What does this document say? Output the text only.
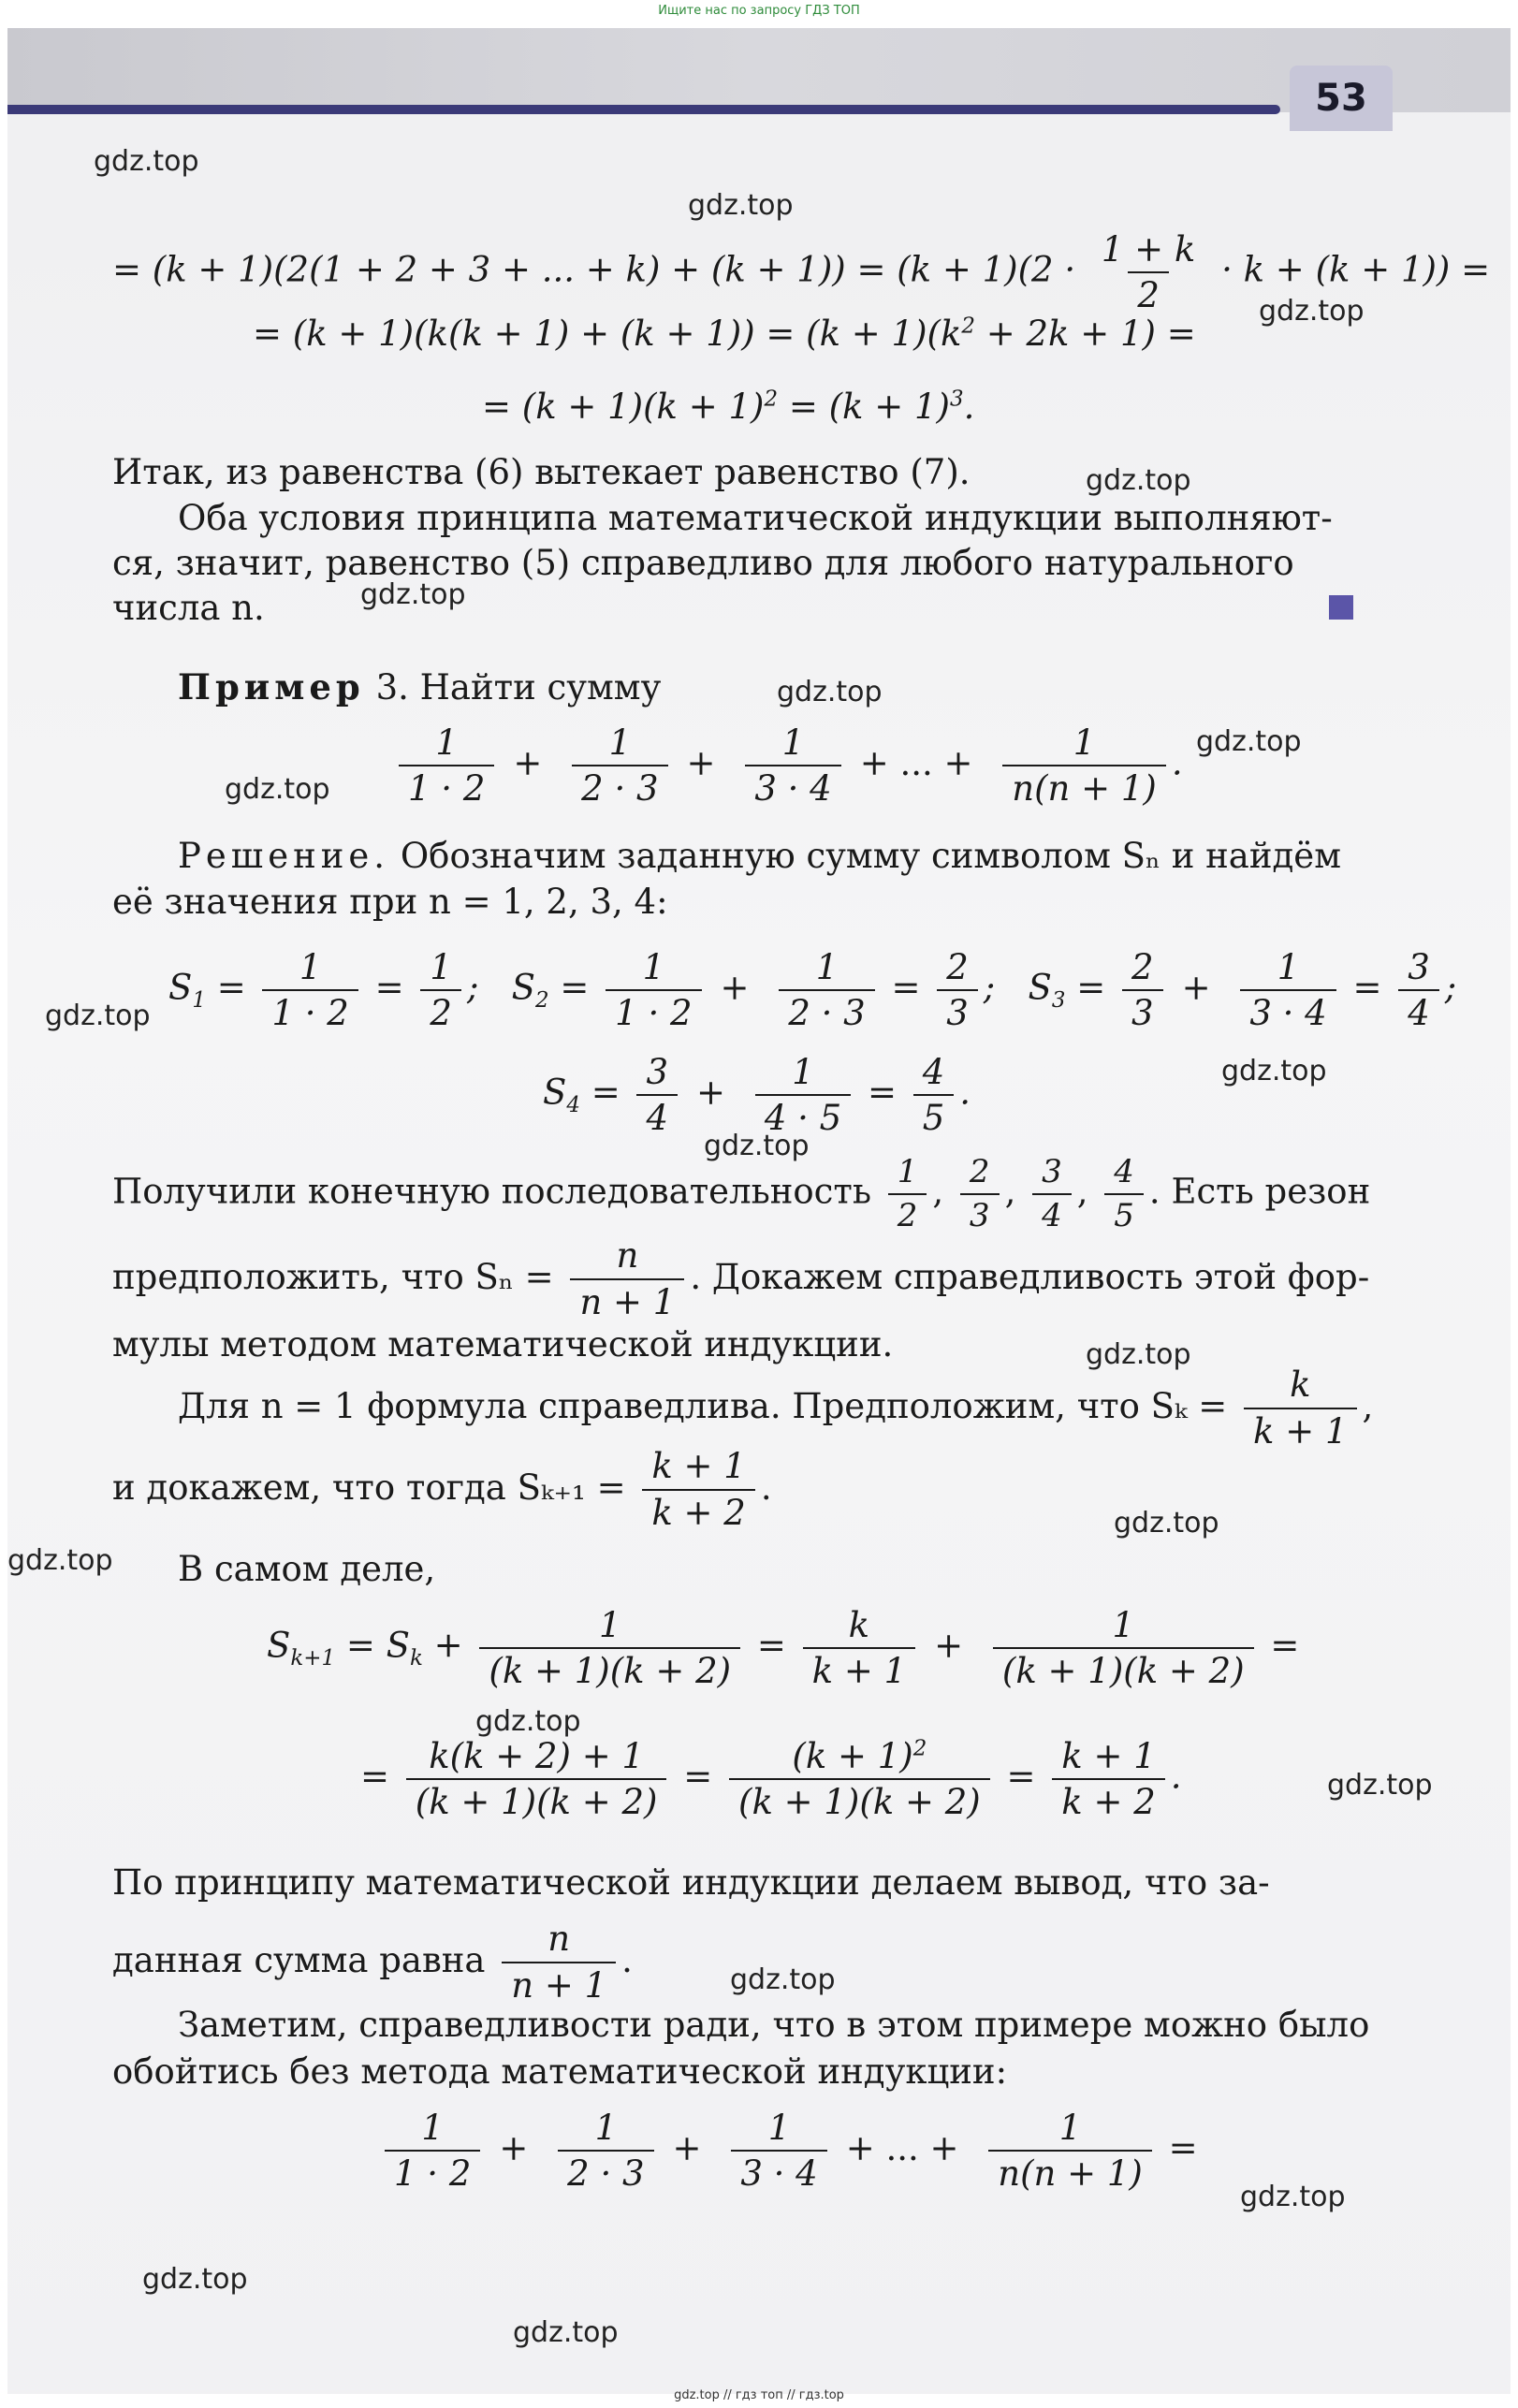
Ищите нас по запросу ГДЗ ТОП
53
gdz.top
gdz.top
gdz.top
gdz.top
gdz.top
gdz.top
gdz.top
gdz.top
gdz.top
gdz.top
gdz.top
gdz.top
gdz.top
gdz.top
gdz.top
gdz.top
gdz.top
gdz.top
gdz.top
gdz.top
= (k + 1)(2(1 + 2 + 3 + ... + $k) + (k + 1)) = (k + 1)(2 \cdot \frac{1 + k}{2} \cdot k + (k + 1))$ =
= $(k + 1)(k(k + 1) + (k + 1)) = (k + 1)(k^2 + 2k + 1)$ =
= $(k + 1)(k + 1)^2 = (k + 1)^3$.
Итак, из равенства (6) вытекает равенство (7).
Оба условия принципа математической индукции выполняют-
ся, значит, равенство (5) справедливо для любого натурального
числа n.
Пример 3. Найти сумму
$\frac{1}{1 \cdot 2} + \frac{1}{2 \cdot 3} + \frac{1}{3 \cdot 4}$ + ... + $\frac{1}{n(n + 1)}$ .
Решение. Обозначим заданную сумму символом Sₙ и найдём
её значения при n = 1, 2, 3, 4:
$S_1 = \frac{1}{1 \cdot 2} = \frac{1}{2}$ ;   $S_2 = \frac{1}{1 \cdot 2} + \frac{1}{2 \cdot 3} = \frac{2}{3}$ ;   $S_3 = \frac{2}{3} + \frac{1}{3 \cdot 4} = \frac{3}{4}$ ;
$S_4 = \frac{3}{4} + \frac{1}{4 \cdot 5} = \frac{4}{5}$ .
Получили конечную последовательность $\frac{1}{2}$ , $\frac{2}{3}$ , $\frac{3}{4}$ , $\frac{4}{5}$ . Есть резон
предположить, что $S_n = \frac{n}{n + 1}$ . Докажем справедливость этой фор-
мулы методом математической индукции.
Для n = 1 формула справедлива. Предположим, что $S_k = \frac{k}{k + 1}$ ,
и докажем, что тогда $S_{k+1} = \frac{k + 1}{k + 2}$ .
В самом деле,
$S_{k+1} = S_k + \frac{1}{(k + 1)(k + 2)} = \frac{k}{k + 1} + \frac{1}{(k + 1)(k + 2)}$ =
= $\frac{k(k + 2) + 1}{(k + 1)(k + 2)} = \frac{(k + 1)^2}{(k + 1)(k + 2)} = \frac{k + 1}{k + 2}$ .
По принципу математической индукции делаем вывод, что за-
данная сумма равна $\frac{n}{n + 1}$ .
Заметим, справедливости ради, что в этом примере можно было
обойтись без метода математической индукции:
$\frac{1}{1 \cdot 2} + \frac{1}{2 \cdot 3} + \frac{1}{3 \cdot 4}$ + ... + $\frac{1}{n(n + 1)}$ =
gdz.top // гдз топ // гдз.top
